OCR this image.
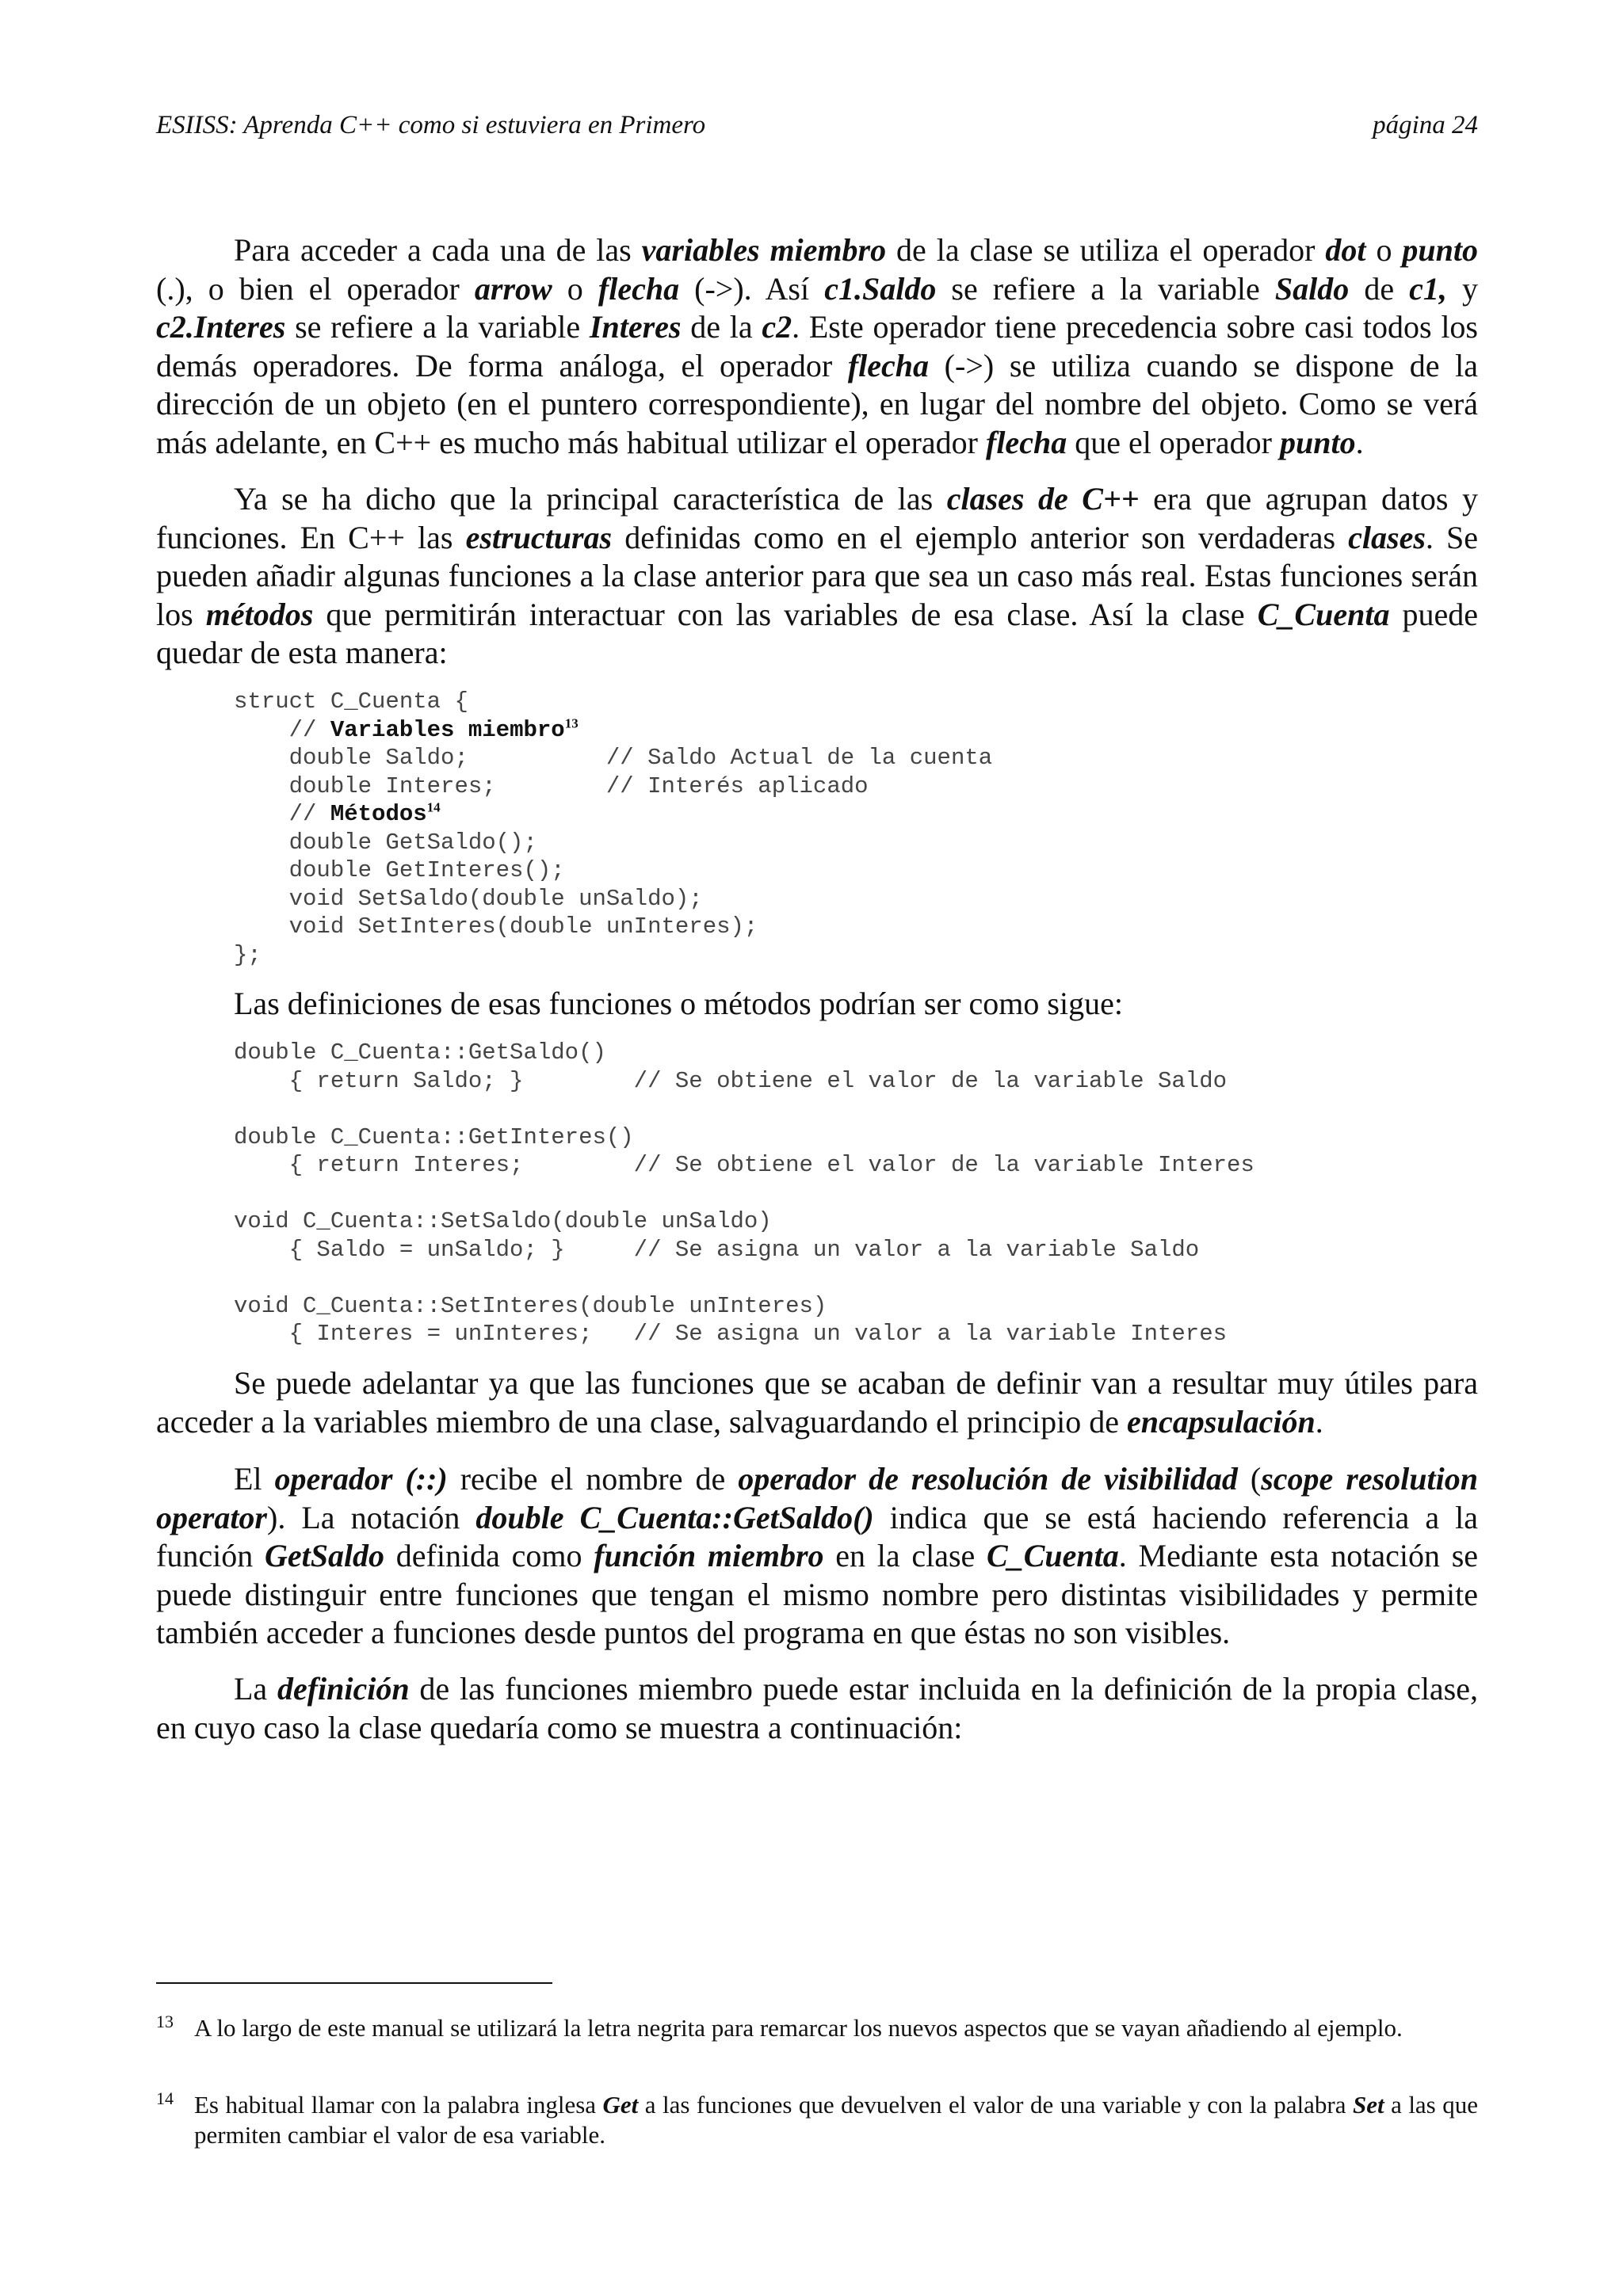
ESIISS: Aprenda C++ como si estuviera en Primero	página 24

Para acceder a cada una de las variables miembro de la clase se utiliza el operador dot o punto (.), o bien el operador arrow o flecha (->). Así c1.Saldo se refiere a la variable Saldo de c1, y c2.Interes se refiere a la variable Interes de la c2. Este operador tiene precedencia sobre casi todos los demás operadores. De forma análoga, el operador flecha (->) se utiliza cuando se dispone de la dirección de un objeto (en el puntero correspondiente), en lugar del nombre del objeto. Como se verá más adelante, en C++ es mucho más habitual utilizar el operador flecha que el operador punto.

Ya se ha dicho que la principal característica de las clases de C++ era que agrupan datos y funciones. En C++ las estructuras definidas como en el ejemplo anterior son verdaderas clases. Se pueden añadir algunas funciones a la clase anterior para que sea un caso más real. Estas funciones serán los métodos que permitirán interactuar con las variables de esa clase. Así la clase C_Cuenta puede quedar de esta manera:

struct C_Cuenta {
// Variables miembro$^{13}$
double Saldo;          // Saldo Actual de la cuenta
double Interes;        // Interés aplicado
// Métodos$^{14}$
double GetSaldo();
double GetInteres();
void SetSaldo(double unSaldo);
void SetInteres(double unInteres);
};

Las definiciones de esas funciones o métodos podrían ser como sigue:

double C_Cuenta::GetSaldo()
{ return Saldo; }        // Se obtiene el valor de la variable Saldo

double C_Cuenta::GetInteres()
{ return Interes;        // Se obtiene el valor de la variable Interes

void C_Cuenta::SetSaldo(double unSaldo)
{ Saldo = unSaldo; }     // Se asigna un valor a la variable Saldo

void C_Cuenta::SetInteres(double unInteres)
{ Interes = unInteres;   // Se asigna un valor a la variable Interes

Se puede adelantar ya que las funciones que se acaban de definir van a resultar muy útiles para acceder a la variables miembro de una clase, salvaguardando el principio de encapsulación.

El operador (::) recibe el nombre de operador de resolución de visibilidad (scope resolution operator). La notación double C_Cuenta::GetSaldo() indica que se está haciendo referencia a la función GetSaldo definida como función miembro en la clase C_Cuenta. Mediante esta notación se puede distinguir entre funciones que tengan el mismo nombre pero distintas visibilidades y permite también acceder a funciones desde puntos del programa en que éstas no son visibles.

La definición de las funciones miembro puede estar incluida en la definición de la propia clase, en cuyo caso la clase quedaría como se muestra a continuación:

13 A lo largo de este manual se utilizará la letra negrita para remarcar los nuevos aspectos que se vayan añadiendo al ejemplo.
14 Es habitual llamar con la palabra inglesa Get a las funciones que devuelven el valor de una variable y con la palabra Set a las que permiten cambiar el valor de esa variable.
